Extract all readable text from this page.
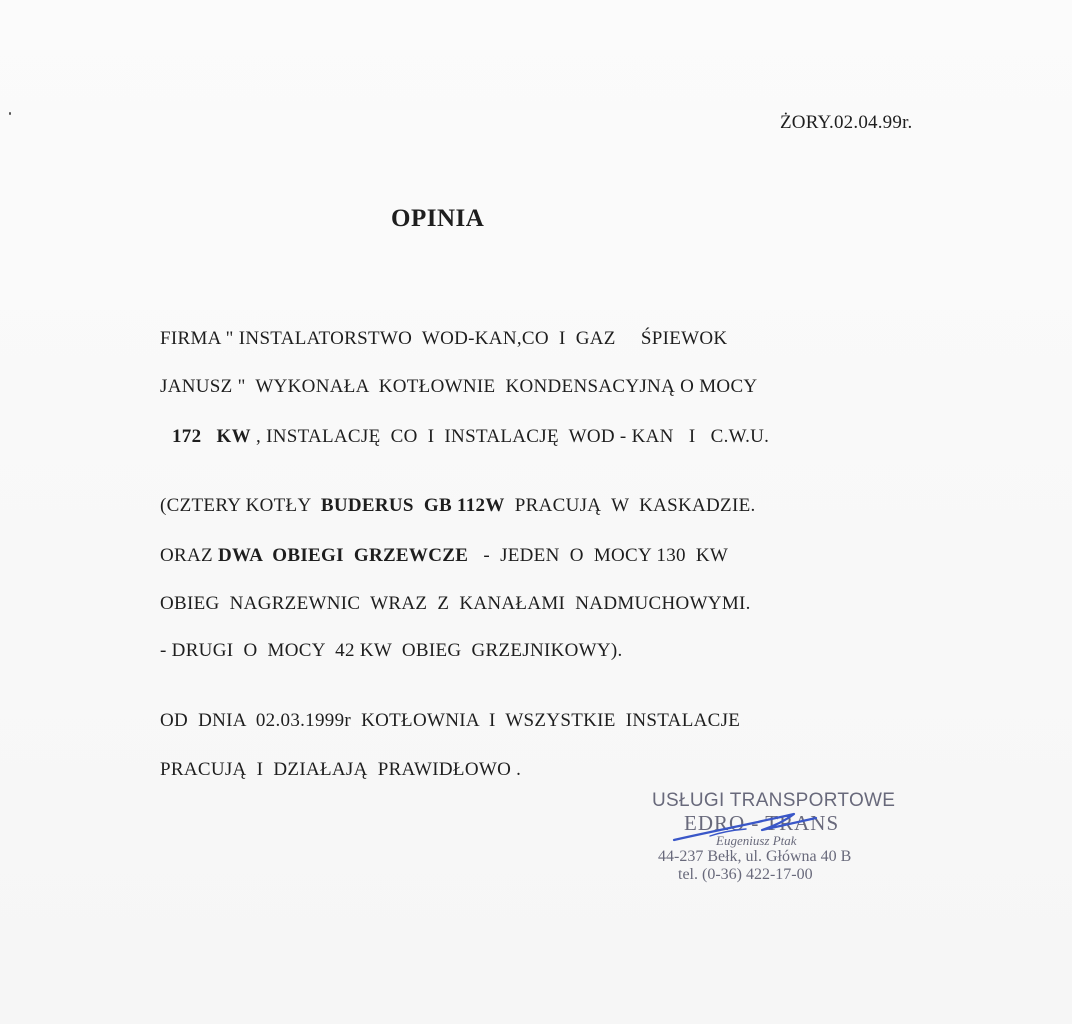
ŻORY.02.04.99r.
OPINIA
FIRMA " INSTALATORSTWO  WOD-KAN,CO  I  GAZ     ŚPIEWOK
JANUSZ "  WYKONAŁA  KOTŁOWNIE  KONDENSACYJNĄ O MOCY
172   KW , INSTALACJĘ  CO  I  INSTALACJĘ  WOD - KAN   I   C.W.U.
(CZTERY KOTŁY  BUDERUS  GB 112W  PRACUJĄ  W  KASKADZIE.
ORAZ DWA  OBIEGI  GRZEWCZE   -  JEDEN  O  MOCY 130  KW
OBIEG  NAGRZEWNIC  WRAZ  Z  KANAŁAMI  NADMUCHOWYMI.
- DRUGI  O  MOCY  42 KW  OBIEG  GRZEJNIKOWY).
OD  DNIA  02.03.1999r  KOTŁOWNIA  I  WSZYSTKIE  INSTALACJE
PRACUJĄ  I  DZIAŁAJĄ  PRAWIDŁOWO .
USŁUGI TRANSPORTOWE
EDRO - TRANS
Eugeniusz Ptak
44-237 Bełk, ul. Główna 40 B
tel. (0-36) 422-17-00
